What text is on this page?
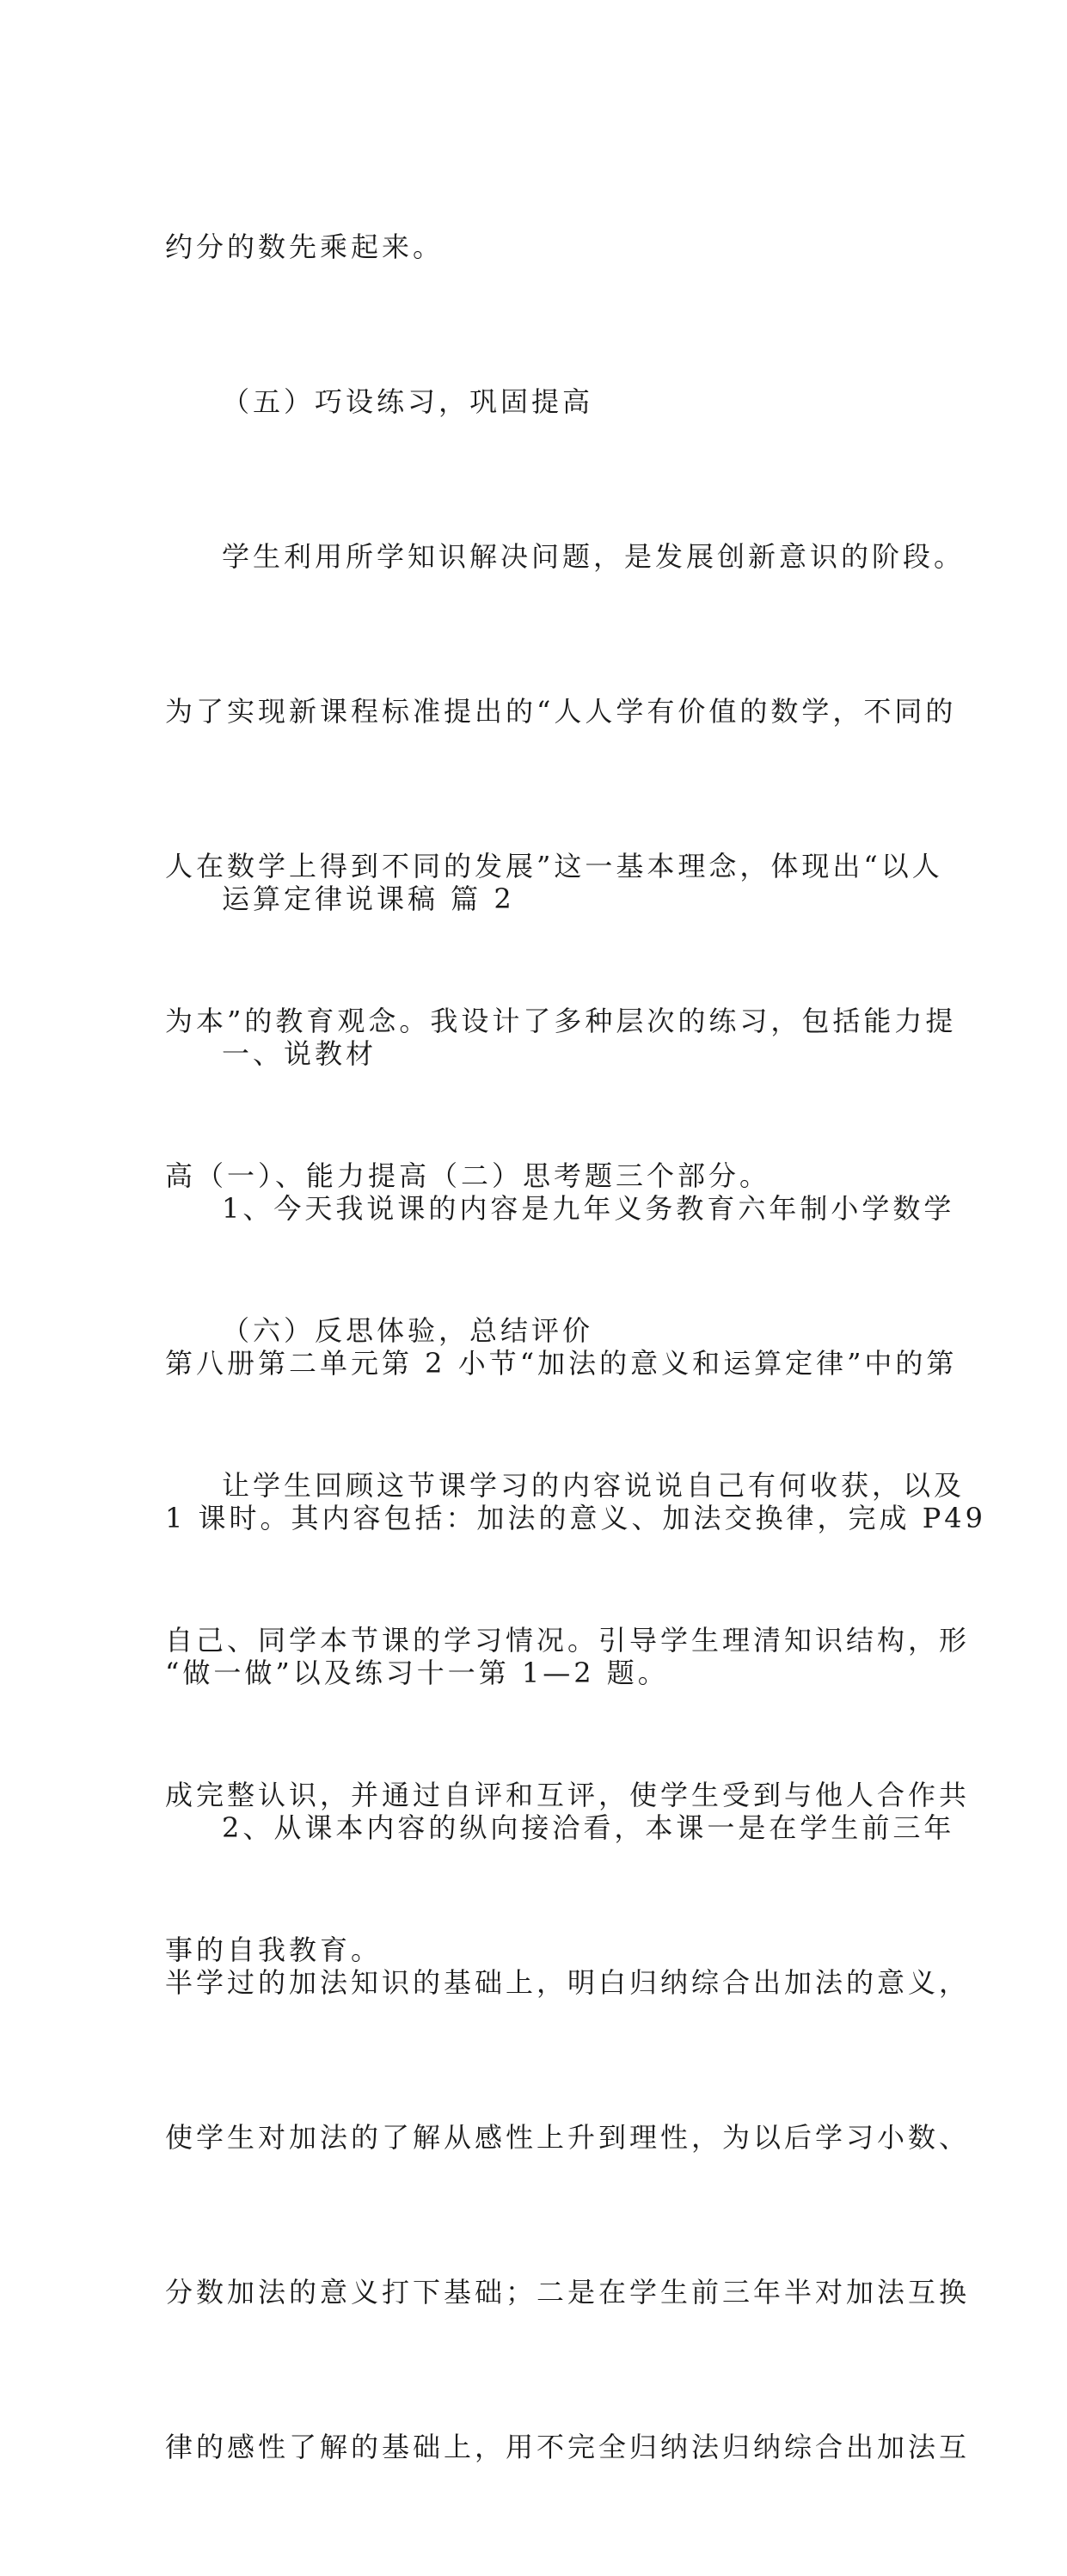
约分的数先乘起来。

（五）巧设练习，巩固提高

学生利用所学知识解决问题，是发展创新意识的阶段。

为了实现新课程标准提出的“人人学有价值的数学，不同的

人在数学上得到不同的发展”这一基本理念，体现出“以人

为本”的教育观念。我设计了多种层次的练习，包括能力提

高（一）、能力提高（二）思考题三个部分。

（六）反思体验，总结评价

让学生回顾这节课学习的内容说说自己有何收获，以及

自己、同学本节课的学习情况。引导学生理清知识结构，形

成完整认识，并通过自评和互评，使学生受到与他人合作共

事的自我教育。

运算定律说课稿 篇 2

一、说教材

1、今天我说课的内容是九年义务教育六年制小学数学

第八册第二单元第 2 小节“加法的意义和运算定律”中的第

1 课时。其内容包括：加法的意义、加法交换律，完成 P49

“做一做”以及练习十一第 1—2 题。

2、从课本内容的纵向接洽看，本课一是在学生前三年

半学过的加法知识的基础上，明白归纳综合出加法的意义，

使学生对加法的了解从感性上升到理性，为以后学习小数、

分数加法的意义打下基础；二是在学生前三年半对加法互换

律的感性了解的基础上，用不完全归纳法归纳综合出加法互
